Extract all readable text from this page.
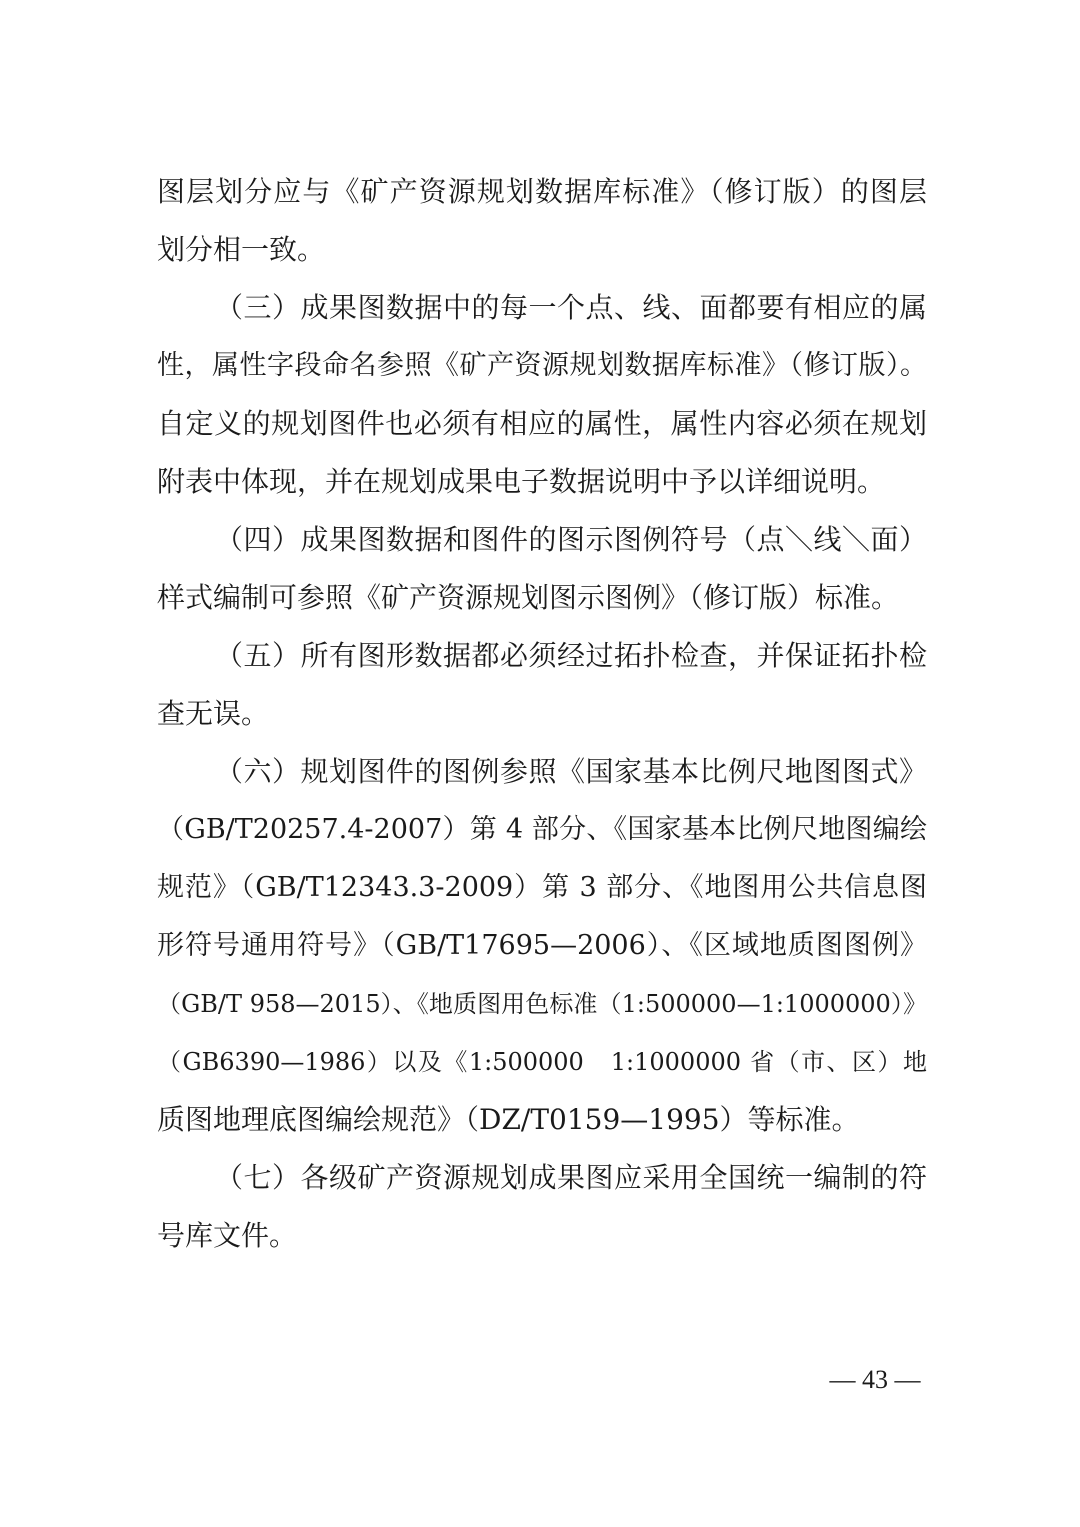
图层划分应与《矿产资源规划数据库标准》（修订版）的图层
划分相一致。
（三）成果图数据中的每一个点、线、面都要有相应的属
性，属性字段命名参照《矿产资源规划数据库标准》（修订版）。
自定义的规划图件也必须有相应的属性，属性内容必须在规划
附表中体现，并在规划成果电子数据说明中予以详细说明。
（四）成果图数据和图件的图示图例符号（点＼线＼面）
样式编制可参照《矿产资源规划图示图例》（修订版）标准。
（五）所有图形数据都必须经过拓扑检查，并保证拓扑检
查无误。
（六）规划图件的图例参照《国家基本比例尺地图图式》
（GB/T20257.4-2007）第 4 部分、《国家基本比例尺地图编绘
规范》（GB/T12343.3-2009）第 3 部分、《地图用公共信息图
形符号通用符号》（GB/T17695—2006）、《区域地质图图例》
（GB/T 958—2015）、《地质图用色标准（1:500000—1:1000000）》
（GB6390—1986）以及《1:500000　1:1000000 省（市、区）地
质图地理底图编绘规范》（DZ/T0159—1995）等标准。
（七）各级矿产资源规划成果图应采用全国统一编制的符
号库文件。
— 43 —
